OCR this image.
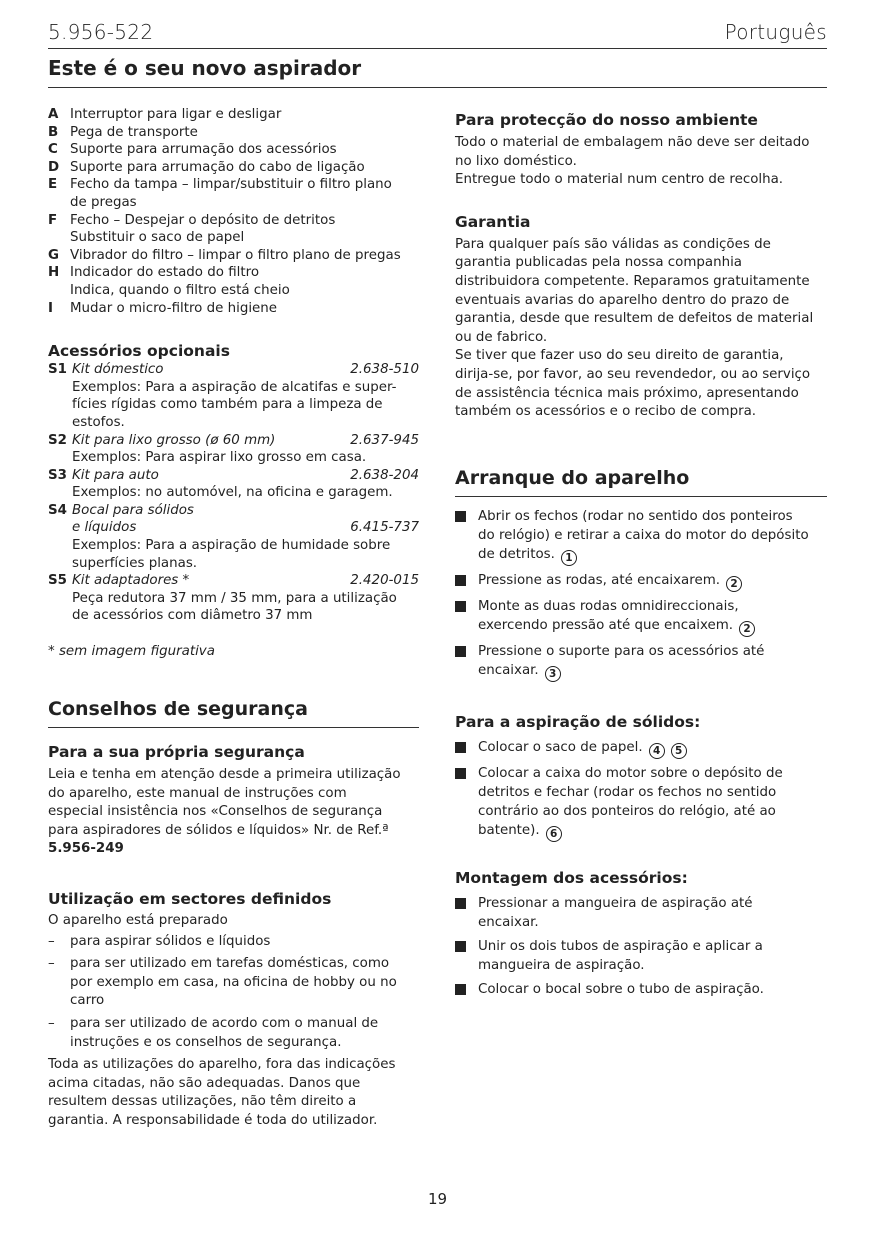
5.956-522	Português
Este é o seu novo aspirador
A Interruptor para ligar e desligar
B Pega de transporte
C Suporte para arrumação dos acessórios
D Suporte para arrumação do cabo de ligação
E Fecho da tampa – limpar/substituir o filtro plano
de pregas
F Fecho – Despejar o depósito de detritos
Substituir o saco de papel
G Vibrador do filtro – limpar o filtro plano de pregas
H Indicador do estado do filtro
Indica, quando o filtro está cheio
I	Mudar o micro-filtro de higiene
Acessórios opcionais
S1 Kit dómestico	2.638-510
Exemplos: Para a aspiração de alcatifas e super-
fícies rígidas como também para a limpeza de
estofos.
S2 Kit para lixo grosso (ø 60 mm)	2.637-945
Exemplos: Para aspirar lixo grosso em casa.
S3 Kit para auto	2.638-204
Exemplos: no automóvel, na oficina e garagem.
S4 Bocal para sólidos
e líquidos	6.415-737
Exemplos: Para a aspiração de humidade sobre
superfícies planas.
S5 Kit adaptadores *	2.420-015
Peça redutora 37 mm / 35 mm, para a utilização
de acessórios com diâmetro 37 mm

* sem imagem figurativa

Conselhos de segurança
Para a sua própria segurança

Leia e tenha em atenção desde a primeira utilização
do aparelho, este manual de instruções com
especial insistência nos «Conselhos de segurança
para aspiradores de sólidos e líquidos» Nr. de Ref.ª

5.956-249

Utilização em sectores definidos

O aparelho está preparado

–	para aspirar sólidos e líquidos
–	para ser utilizado em tarefas domésticas, como
por exemplo em casa, na oficina de hobby ou no
carro
–	para ser utilizado de acordo com o manual de
instruções e os conselhos de segurança.

Toda as utilizações do aparelho, fora das indicações
acima citadas, não são adequadas. Danos que
resultem dessas utilizações, não têm direito a
garantia. A responsabilidade é toda do utilizador.

Para protecção do nosso ambiente

Todo o material de embalagem não deve ser deitado
no lixo doméstico.
Entregue todo o material num centro de recolha.

Garantia

Para qualquer país são válidas as condições de
garantia publicadas pela nossa companhia
distribuidora competente. Reparamos gratuitamente
eventuais avarias do aparelho dentro do prazo de
garantia, desde que resultem de defeitos de material
ou de fabrico.
Se tiver que fazer uso do seu direito de garantia,
dirija-se, por favor, ao seu revendedor, ou ao serviço
de assistência técnica mais próximo, apresentando
também os acessórios e o recibo de compra.

Arranque do aparelho
Abrir os fechos (rodar no sentido dos ponteiros
do relógio) e retirar a caixa do motor do depósito
de detritos. 1
Pressione as rodas, até encaixarem. 2
Monte as duas rodas omnidireccionais,
exercendo pressão até que encaixem. 2
Pressione o suporte para os acessórios até
encaixar. 3
Para a aspiração de sólidos:
Colocar o saco de papel. 4 5
Colocar a caixa do motor sobre o depósito de
detritos e fechar (rodar os fechos no sentido
contrário ao dos ponteiros do relógio, até ao
batente). 6
Montagem dos acessórios:
Pressionar a mangueira de aspiração até
encaixar.
Unir os dois tubos de aspiração e aplicar a
mangueira de aspiração.
Colocar o bocal sobre o tubo de aspiração.
19
